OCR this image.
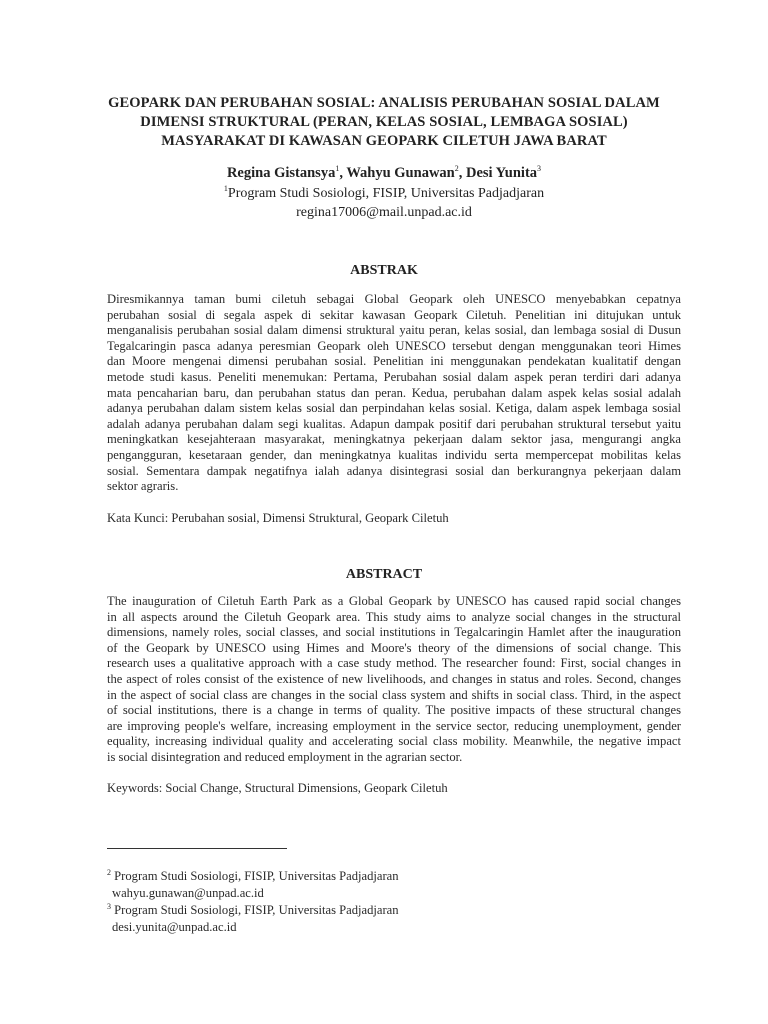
GEOPARK DAN PERUBAHAN SOSIAL: ANALISIS PERUBAHAN SOSIAL DALAM
DIMENSI STRUKTURAL (PERAN, KELAS SOSIAL, LEMBAGA SOSIAL)
MASYARAKAT DI KAWASAN GEOPARK CILETUH JAWA BARAT
Regina Gistansya$^1$, Wahyu Gunawan$^2$, Desi Yunita$^3$
$^1$Program Studi Sosiologi, FISIP, Universitas Padjadjaran
regina17006@mail.unpad.ac.id
ABSTRAK
Diresmikannya taman bumi ciletuh sebagai Global Geopark oleh UNESCO menyebabkan cepatnya
perubahan sosial di segala aspek di sekitar kawasan Geopark Ciletuh. Penelitian ini ditujukan untuk
menganalisis perubahan sosial dalam dimensi struktural yaitu peran, kelas sosial, dan lembaga sosial di Dusun
Tegalcaringin pasca adanya peresmian Geopark oleh UNESCO tersebut dengan menggunakan teori Himes
dan Moore mengenai dimensi perubahan sosial. Penelitian ini menggunakan pendekatan kualitatif dengan
metode studi kasus. Peneliti menemukan: Pertama, Perubahan sosial dalam aspek peran terdiri dari adanya
mata pencaharian baru, dan perubahan status dan peran. Kedua, perubahan dalam aspek kelas sosial adalah
adanya perubahan dalam sistem kelas sosial dan perpindahan kelas sosial. Ketiga, dalam aspek lembaga sosial
adalah adanya perubahan dalam segi kualitas. Adapun dampak positif dari perubahan struktural tersebut yaitu
meningkatkan kesejahteraan masyarakat, meningkatnya pekerjaan dalam sektor jasa, mengurangi angka
pengangguran, kesetaraan gender, dan meningkatnya kualitas individu serta mempercepat mobilitas kelas
sosial. Sementara dampak negatifnya ialah adanya disintegrasi sosial dan berkurangnya pekerjaan dalam
sektor agraris.
Kata Kunci: Perubahan sosial, Dimensi Struktural, Geopark Ciletuh
ABSTRACT
The inauguration of Ciletuh Earth Park as a Global Geopark by UNESCO has caused rapid social changes
in all aspects around the Ciletuh Geopark area. This study aims to analyze social changes in the structural
dimensions, namely roles, social classes, and social institutions in Tegalcaringin Hamlet after the inauguration
of the Geopark by UNESCO using Himes and Moore's theory of the dimensions of social change. This
research uses a qualitative approach with a case study method. The researcher found: First, social changes in
the aspect of roles consist of the existence of new livelihoods, and changes in status and roles. Second, changes
in the aspect of social class are changes in the social class system and shifts in social class. Third, in the aspect
of social institutions, there is a change in terms of quality. The positive impacts of these structural changes
are improving people's welfare, increasing employment in the service sector, reducing unemployment, gender
equality, increasing individual quality and accelerating social class mobility. Meanwhile, the negative impact
is social disintegration and reduced employment in the agrarian sector.
Keywords: Social Change, Structural Dimensions, Geopark Ciletuh
$^2$ Program Studi Sosiologi, FISIP, Universitas Padjadjaran
wahyu.gunawan@unpad.ac.id
$^3$ Program Studi Sosiologi, FISIP, Universitas Padjadjaran
desi.yunita@unpad.ac.id
